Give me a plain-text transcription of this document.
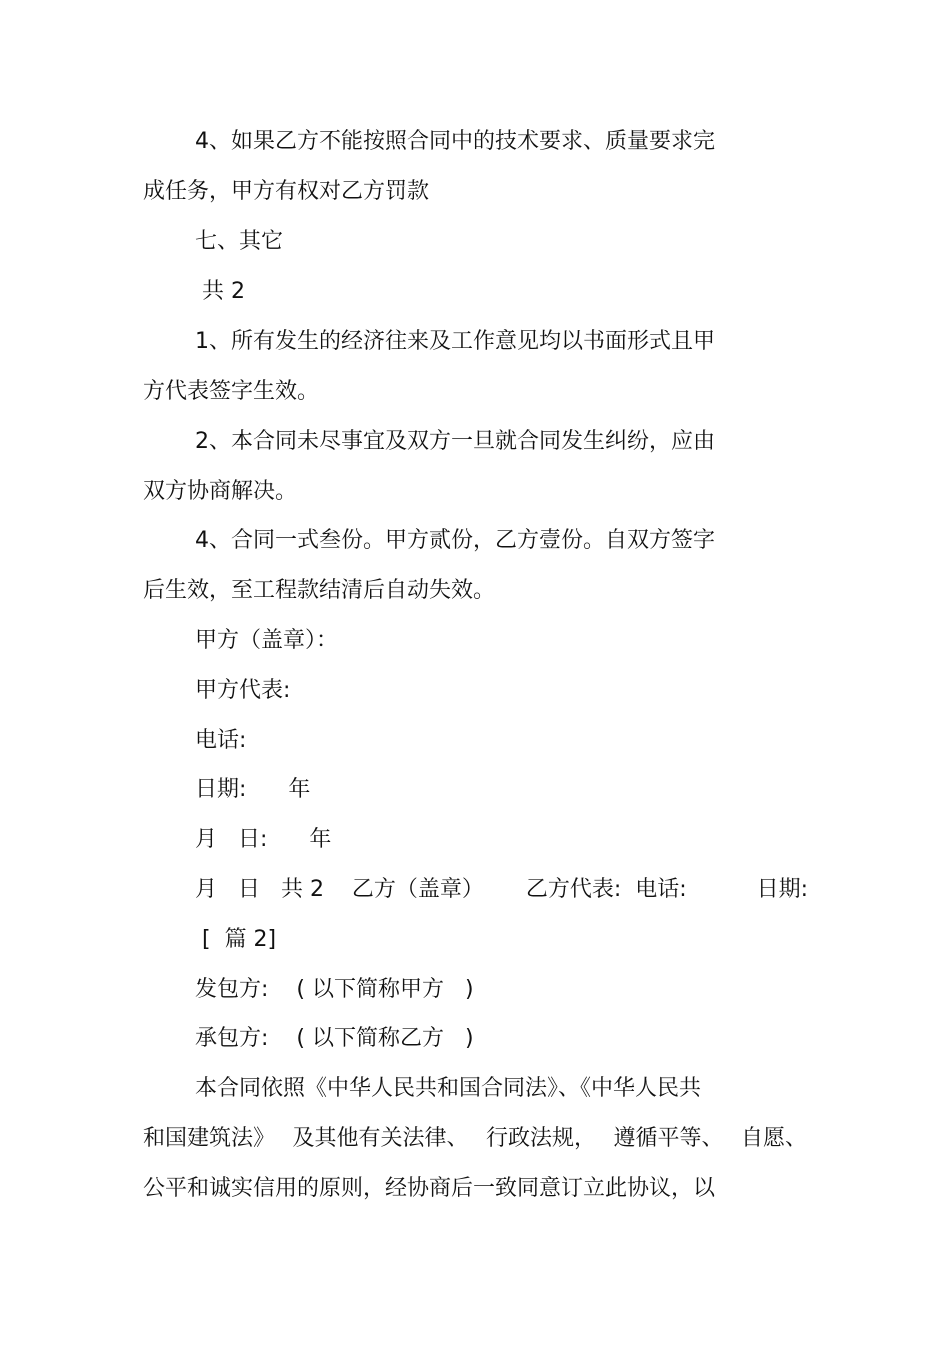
4、如果乙方不能按照合同中的技术要求、质量要求完
成任务，甲方有权对乙方罚款
七、其它
共 2
1、所有发生的经济往来及工作意见均以书面形式且甲
方代表签字生效。
2、本合同未尽事宜及双方一旦就合同发生纠纷，应由
双方协商解决。
4、合同一式叁份。甲方贰份，乙方壹份。自双方签字
后生效，至工程款结清后自动失效。
甲方（盖章）：
甲方代表:
电话:
日期:      年
月   日:      年
月   日   共 2    乙方（盖章）      乙方代表:  电话:          日期:
[  篇 2]
发包方:    ( 以下简称甲方   )
承包方:    ( 以下简称乙方   )
本合同依照《中华人民共和国合同法》、《中华人民共
和国建筑法》 及其他有关法律、 行政法规， 遵循平等、 自愿、
公平和诚实信用的原则，经协商后一致同意订立此协议，以
